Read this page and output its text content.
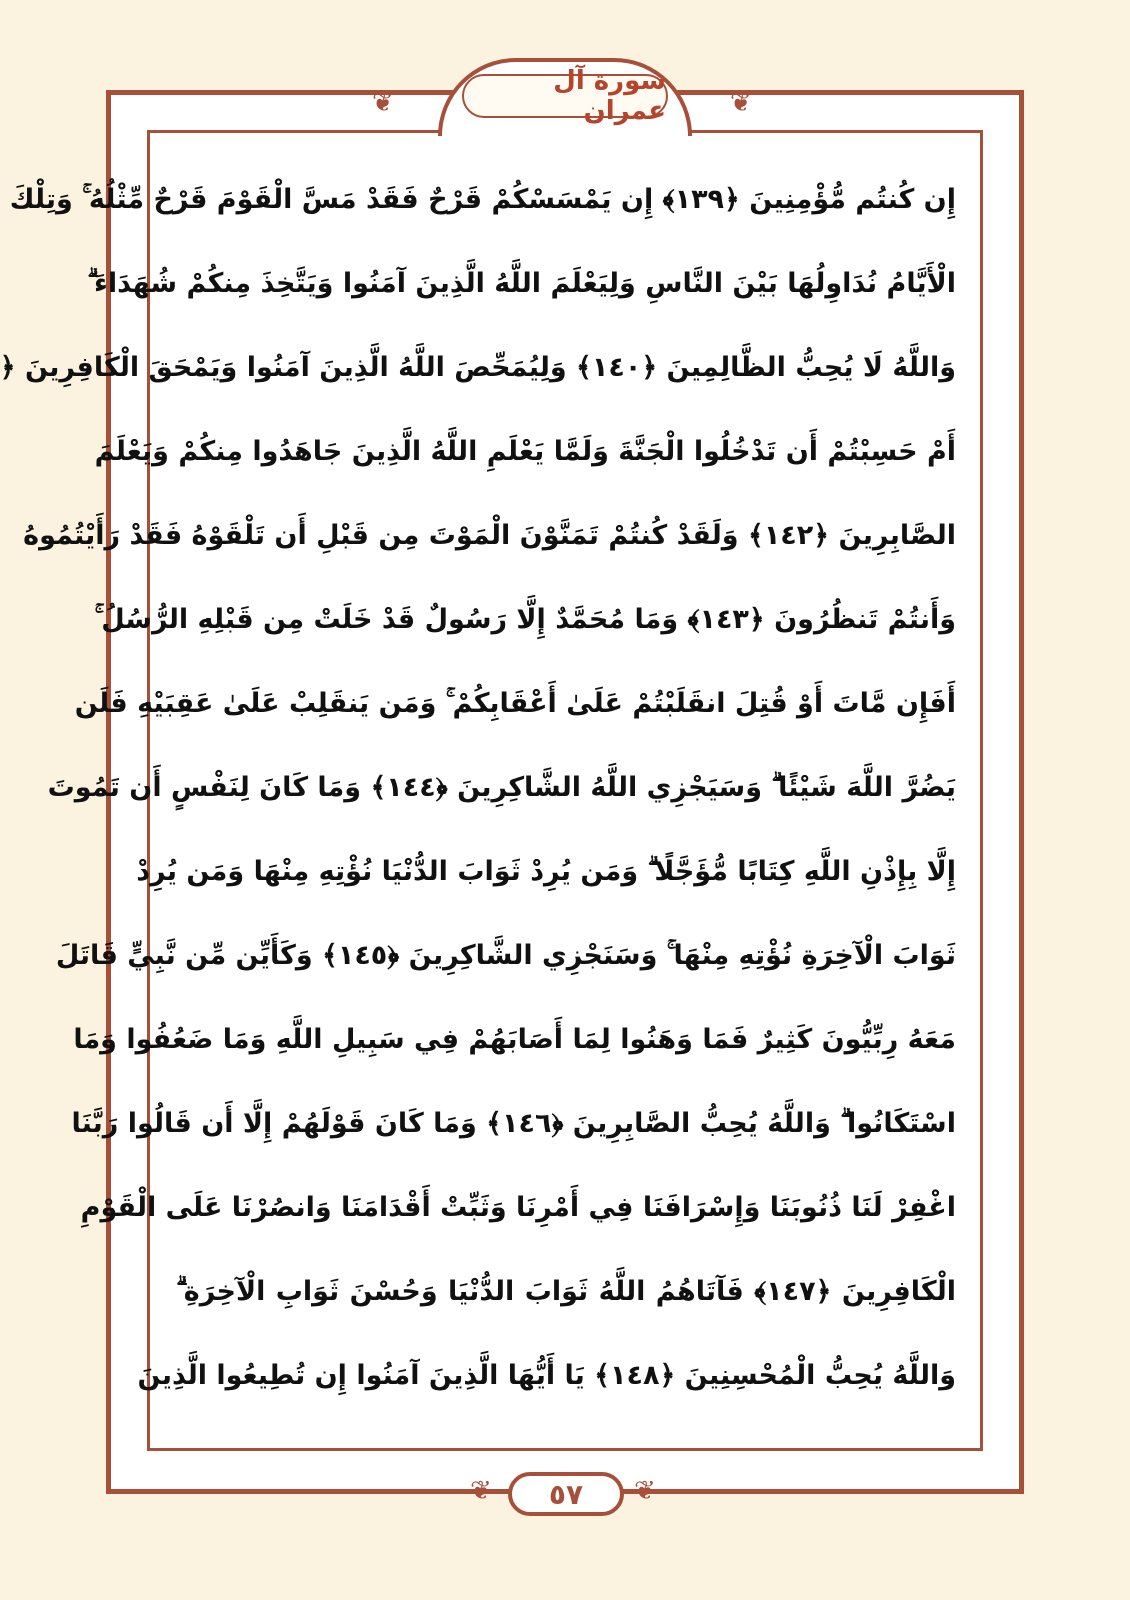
سورة آل عمران
❦	❦
❦	❦
إِن كُنتُم مُّؤْمِنِينَ ﴿١٣٩﴾ إِن يَمْسَسْكُمْ قَرْحٌ فَقَدْ مَسَّ الْقَوْمَ قَرْحٌ مِّثْلُهُ ۚ وَتِلْكَ
الْأَيَّامُ نُدَاوِلُهَا بَيْنَ النَّاسِ وَلِيَعْلَمَ اللَّهُ الَّذِينَ آمَنُوا وَيَتَّخِذَ مِنكُمْ شُهَدَاءَ ۗ
وَاللَّهُ لَا يُحِبُّ الظَّالِمِينَ ﴿١٤٠﴾ وَلِيُمَحِّصَ اللَّهُ الَّذِينَ آمَنُوا وَيَمْحَقَ الْكَافِرِينَ ﴿
أَمْ حَسِبْتُمْ أَن تَدْخُلُوا الْجَنَّةَ وَلَمَّا يَعْلَمِ اللَّهُ الَّذِينَ جَاهَدُوا مِنكُمْ وَيَعْلَمَ
الصَّابِرِينَ ﴿١٤٢﴾ وَلَقَدْ كُنتُمْ تَمَنَّوْنَ الْمَوْتَ مِن قَبْلِ أَن تَلْقَوْهُ فَقَدْ رَأَيْتُمُوهُ
وَأَنتُمْ تَنظُرُونَ ﴿١٤٣﴾ وَمَا مُحَمَّدٌ إِلَّا رَسُولٌ قَدْ خَلَتْ مِن قَبْلِهِ الرُّسُلُ ۚ
أَفَإِن مَّاتَ أَوْ قُتِلَ انقَلَبْتُمْ عَلَىٰ أَعْقَابِكُمْ ۚ وَمَن يَنقَلِبْ عَلَىٰ عَقِبَيْهِ فَلَن
يَضُرَّ اللَّهَ شَيْئًا ۗ وَسَيَجْزِي اللَّهُ الشَّاكِرِينَ ﴿١٤٤﴾ وَمَا كَانَ لِنَفْسٍ أَن تَمُوتَ
إِلَّا بِإِذْنِ اللَّهِ كِتَابًا مُّؤَجَّلًا ۗ وَمَن يُرِدْ ثَوَابَ الدُّنْيَا نُؤْتِهِ مِنْهَا وَمَن يُرِدْ
ثَوَابَ الْآخِرَةِ نُؤْتِهِ مِنْهَا ۚ وَسَنَجْزِي الشَّاكِرِينَ ﴿١٤٥﴾ وَكَأَيِّن مِّن نَّبِيٍّ قَاتَلَ
مَعَهُ رِبِّيُّونَ كَثِيرٌ فَمَا وَهَنُوا لِمَا أَصَابَهُمْ فِي سَبِيلِ اللَّهِ وَمَا ضَعُفُوا وَمَا
اسْتَكَانُوا ۗ وَاللَّهُ يُحِبُّ الصَّابِرِينَ ﴿١٤٦﴾ وَمَا كَانَ قَوْلَهُمْ إِلَّا أَن قَالُوا رَبَّنَا
اغْفِرْ لَنَا ذُنُوبَنَا وَإِسْرَافَنَا فِي أَمْرِنَا وَثَبِّتْ أَقْدَامَنَا وَانصُرْنَا عَلَى الْقَوْمِ
الْكَافِرِينَ ﴿١٤٧﴾ فَآتَاهُمُ اللَّهُ ثَوَابَ الدُّنْيَا وَحُسْنَ ثَوَابِ الْآخِرَةِ ۗ
وَاللَّهُ يُحِبُّ الْمُحْسِنِينَ ﴿١٤٨﴾ يَا أَيُّهَا الَّذِينَ آمَنُوا إِن تُطِيعُوا الَّذِينَ
٥٧
